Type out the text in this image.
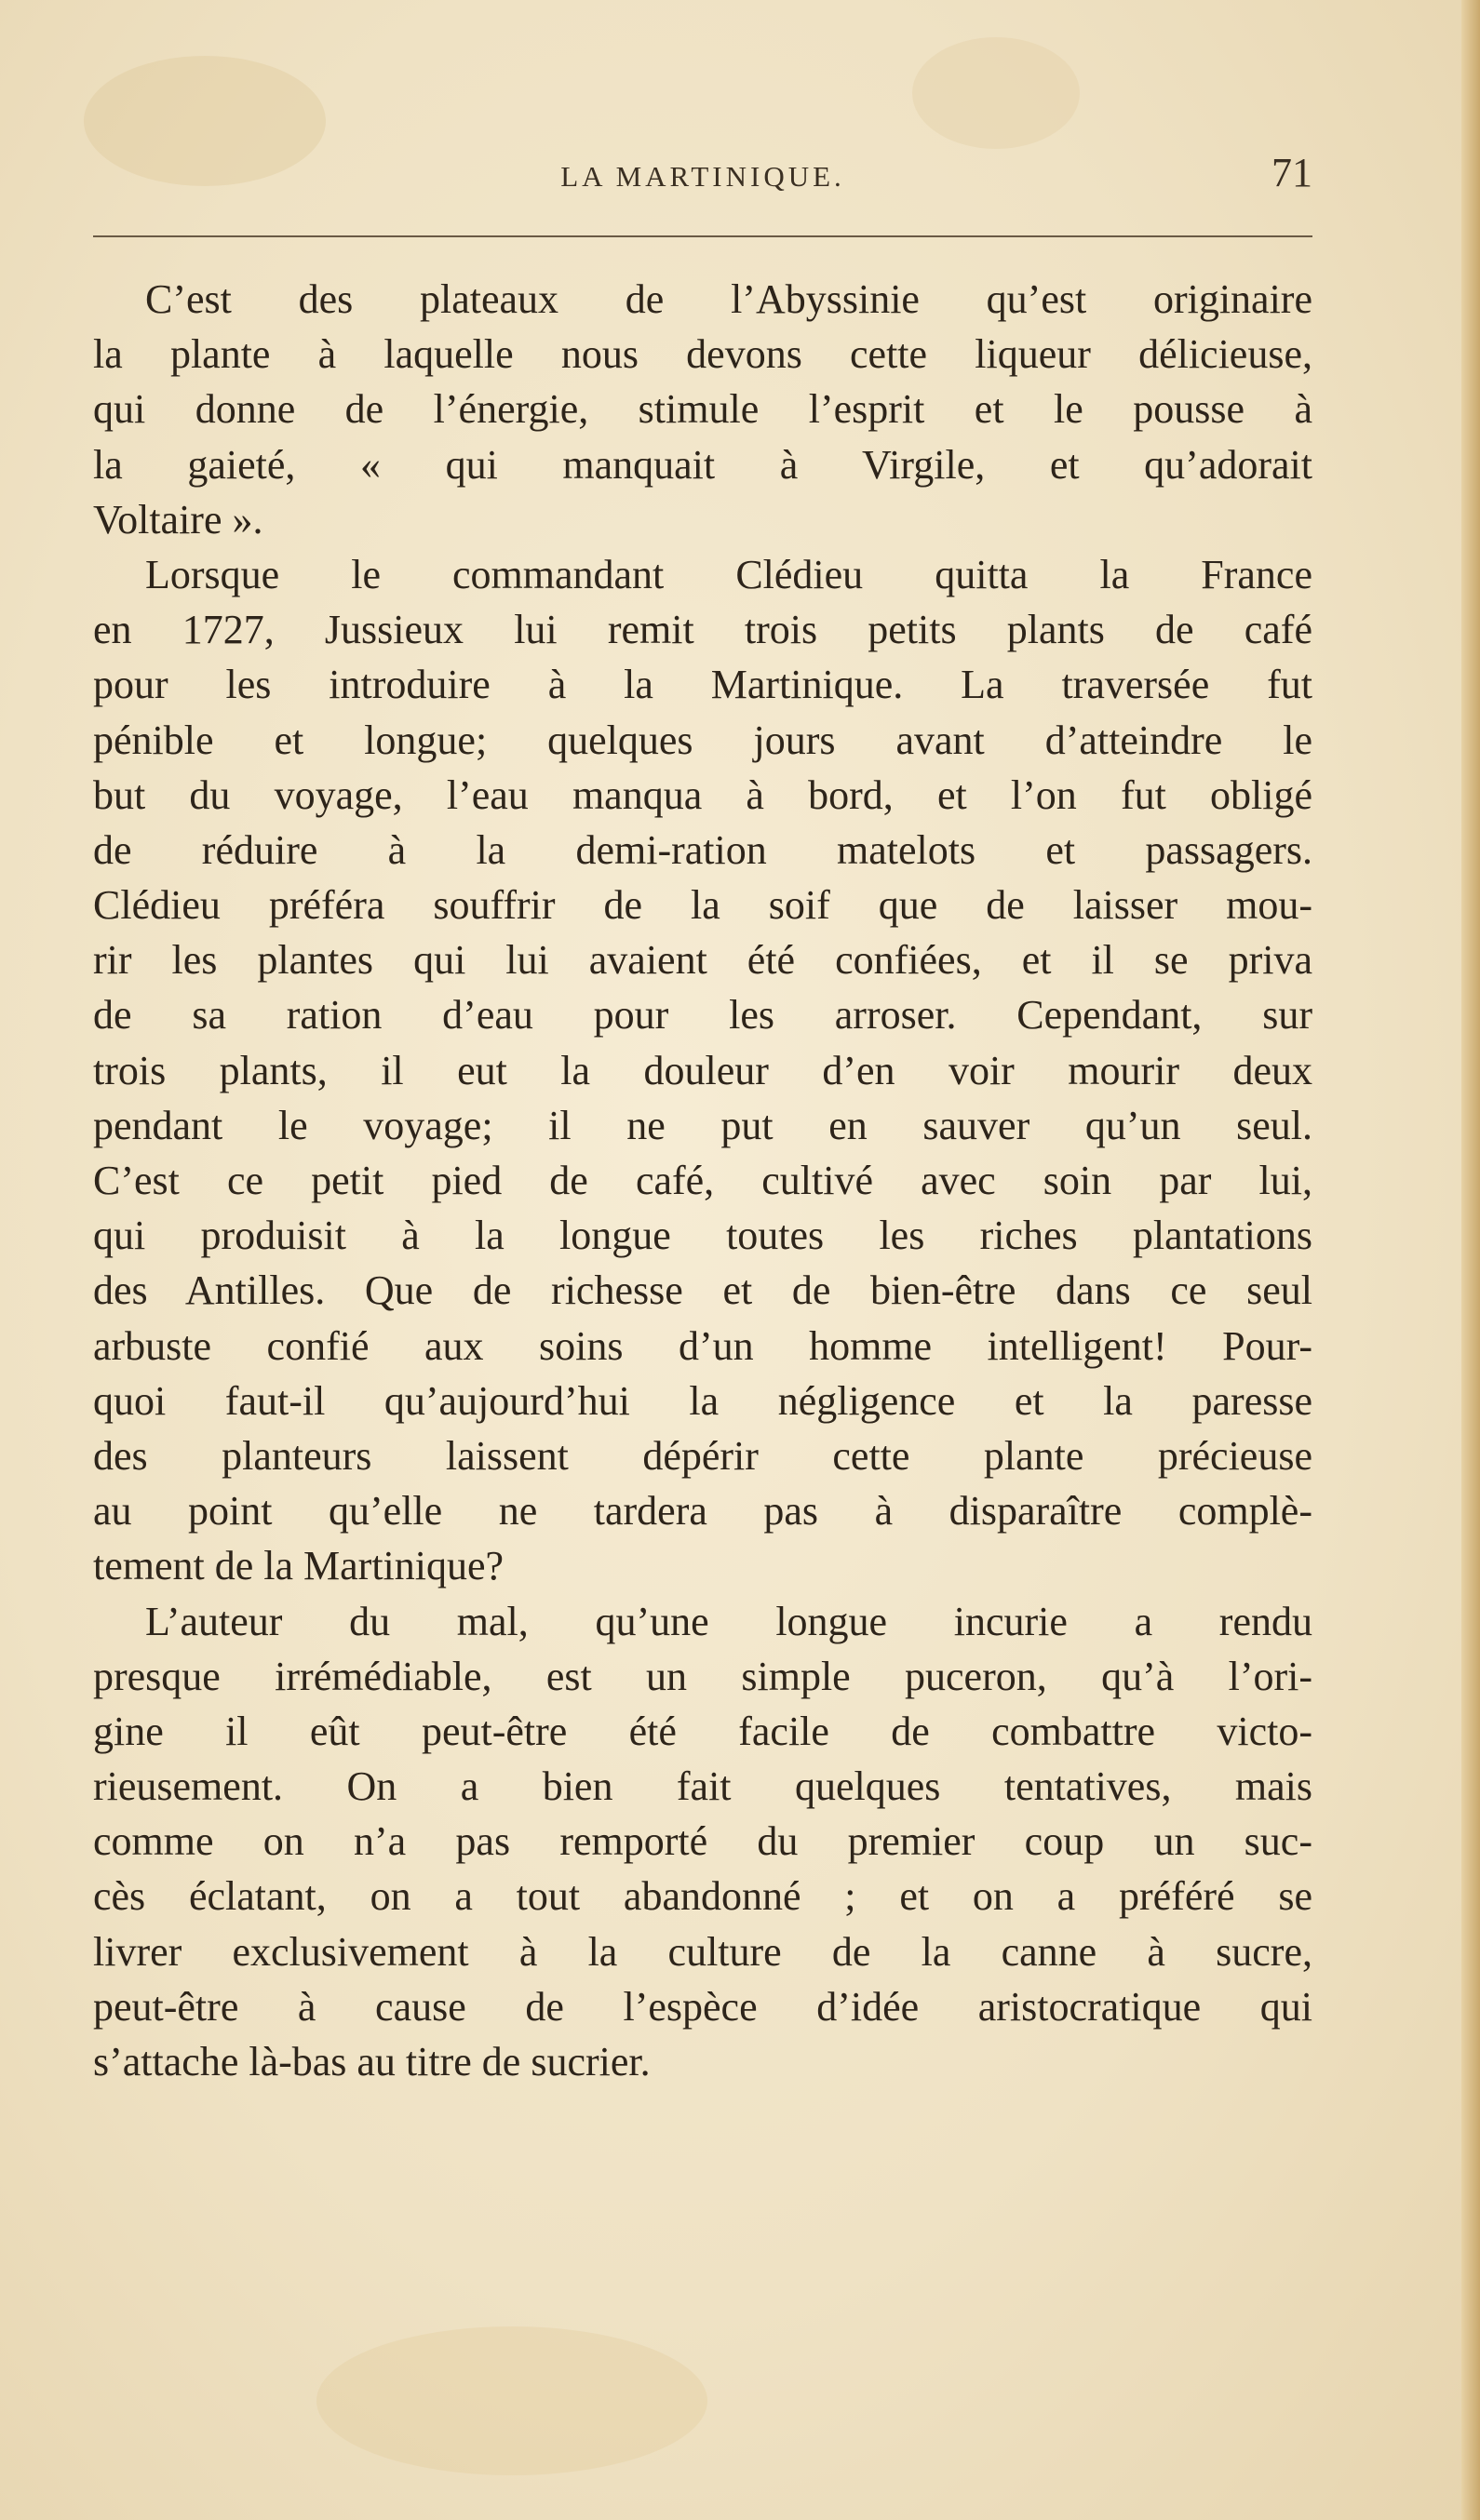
LA MARTINIQUE.	71
C’est des plateaux de l’Abyssinie qu’est originaire
la plante à laquelle nous devons cette liqueur délicieuse,
qui donne de l’énergie, stimule l’esprit et le pousse à
la gaieté, « qui manquait à Virgile, et qu’adorait
Voltaire ».
Lorsque le commandant Clédieu quitta la France
en 1727, Jussieux lui remit trois petits plants de café
pour les introduire à la Martinique. La traversée fut
pénible et longue; quelques jours avant d’atteindre le
but du voyage, l’eau manqua à bord, et l’on fut obligé
de réduire à la demi-ration matelots et passagers.
Clédieu préféra souffrir de la soif que de laisser mou-
rir les plantes qui lui avaient été confiées, et il se priva
de sa ration d’eau pour les arroser. Cependant, sur
trois plants, il eut la douleur d’en voir mourir deux
pendant le voyage; il ne put en sauver qu’un seul.
C’est ce petit pied de café, cultivé avec soin par lui,
qui produisit à la longue toutes les riches plantations
des Antilles. Que de richesse et de bien-être dans ce seul
arbuste confié aux soins d’un homme intelligent! Pour-
quoi faut-il qu’aujourd’hui la négligence et la paresse
des planteurs laissent dépérir cette plante précieuse
au point qu’elle ne tardera pas à disparaître complè-
tement de la Martinique?
L’auteur du mal, qu’une longue incurie a rendu
presque irrémédiable, est un simple puceron, qu’à l’ori-
gine il eût peut-être été facile de combattre victo-
rieusement. On a bien fait quelques tentatives, mais
comme on n’a pas remporté du premier coup un suc-
cès éclatant, on a tout abandonné ; et on a préféré se
livrer exclusivement à la culture de la canne à sucre,
peut-être à cause de l’espèce d’idée aristocratique qui
s’attache là-bas au titre de sucrier.
